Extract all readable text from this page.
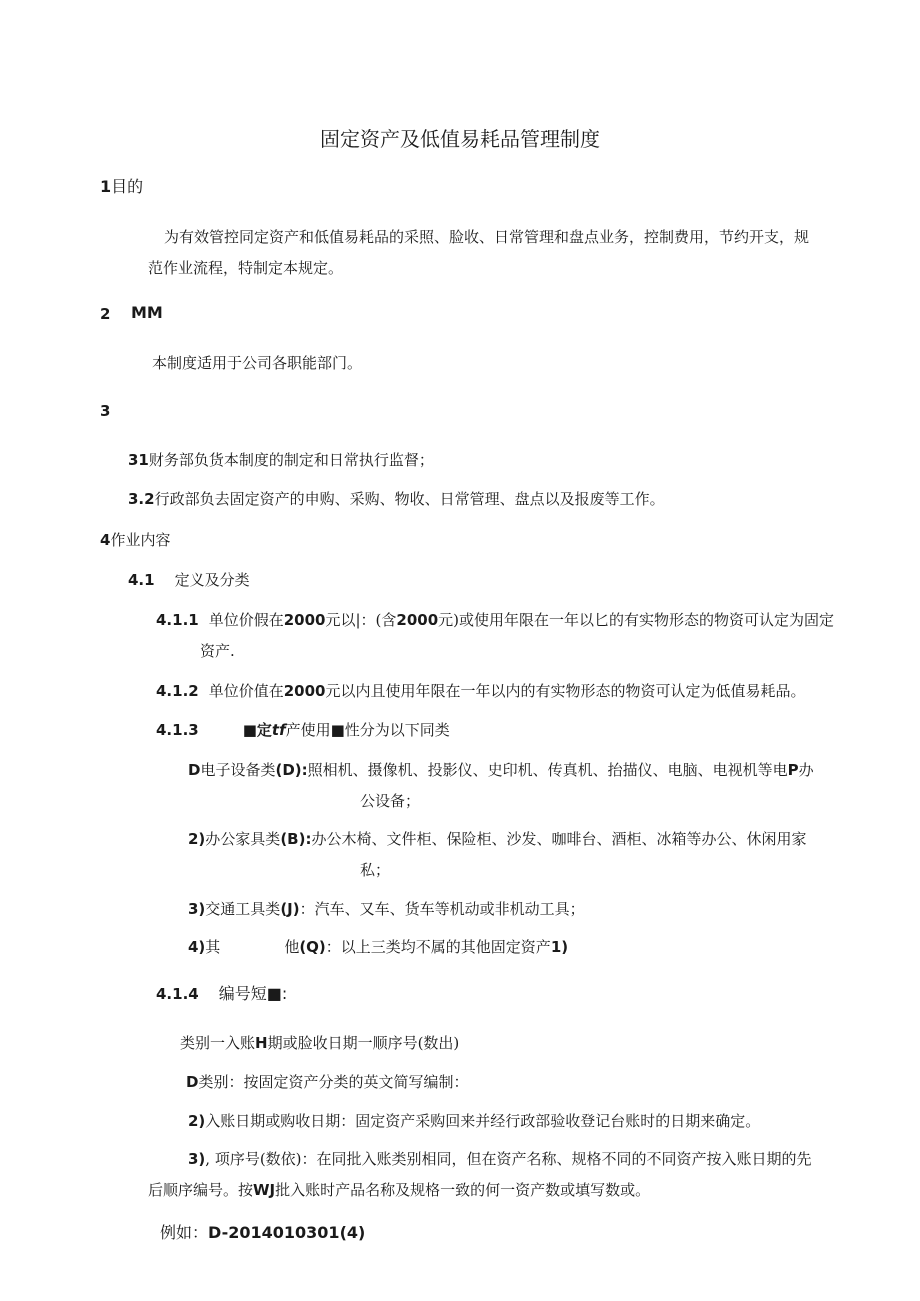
固定资产及低值易耗品管理制度
1目的
为有效管控同定资产和低值易耗品的采照、脸收、日常管理和盘点业务，控制费用，节约开支，规
范作业流程，特制定本规定。
2 MM
本制度适用于公司各职能部门。
3
31财务部负货本制度的制定和日常执行监督；
3.2行政部负去固定资产的申购、采购、物收、日常管理、盘点以及报废等工作。
4作业内容
4.1 定义及分类
4.1.1 单位价假在2000元以|：(含2000元)或使用年限在一年以匕的有实物形态的物资可认定为固定
资产.
4.1.2 单位价值在2000元以内且使用年限在一年以内的有实物形态的物资可认定为低值易耗品。
4.1.3	■定tf产使用■性分为以下同类
D电子设备类(D):照相机、摄像机、投影仪、史印机、传真机、抬描仪、电脑、电视机等电P办
公设备；
2)办公家具类(B):办公木椅、文件柜、保险柜、沙发、咖啡台、酒柜、冰箱等办公、休闲用家
私；
3)交通工具类(J)：汽车、又车、货车等机动或非机动工具；
4)其	他(Q)：以上三类均不属的其他固定资产1)
4.1.4 编号短■:
类别一入账H期或脸收日期一顺序号(数出)
D类别：按固定资产分类的英文简写编制：
2)入账日期或购收日期：固定资产采购回来并经行政部验收登记台账时的日期来确定。
3), 项序号(数依)：在同批入账类别相同，但在资产名称、规格不同的不同资产按入账日期的先
后顺序编号。按WJ批入账时产品名称及规格一致的何一资产数或填写数或。
例如：D-2014010301(4)
